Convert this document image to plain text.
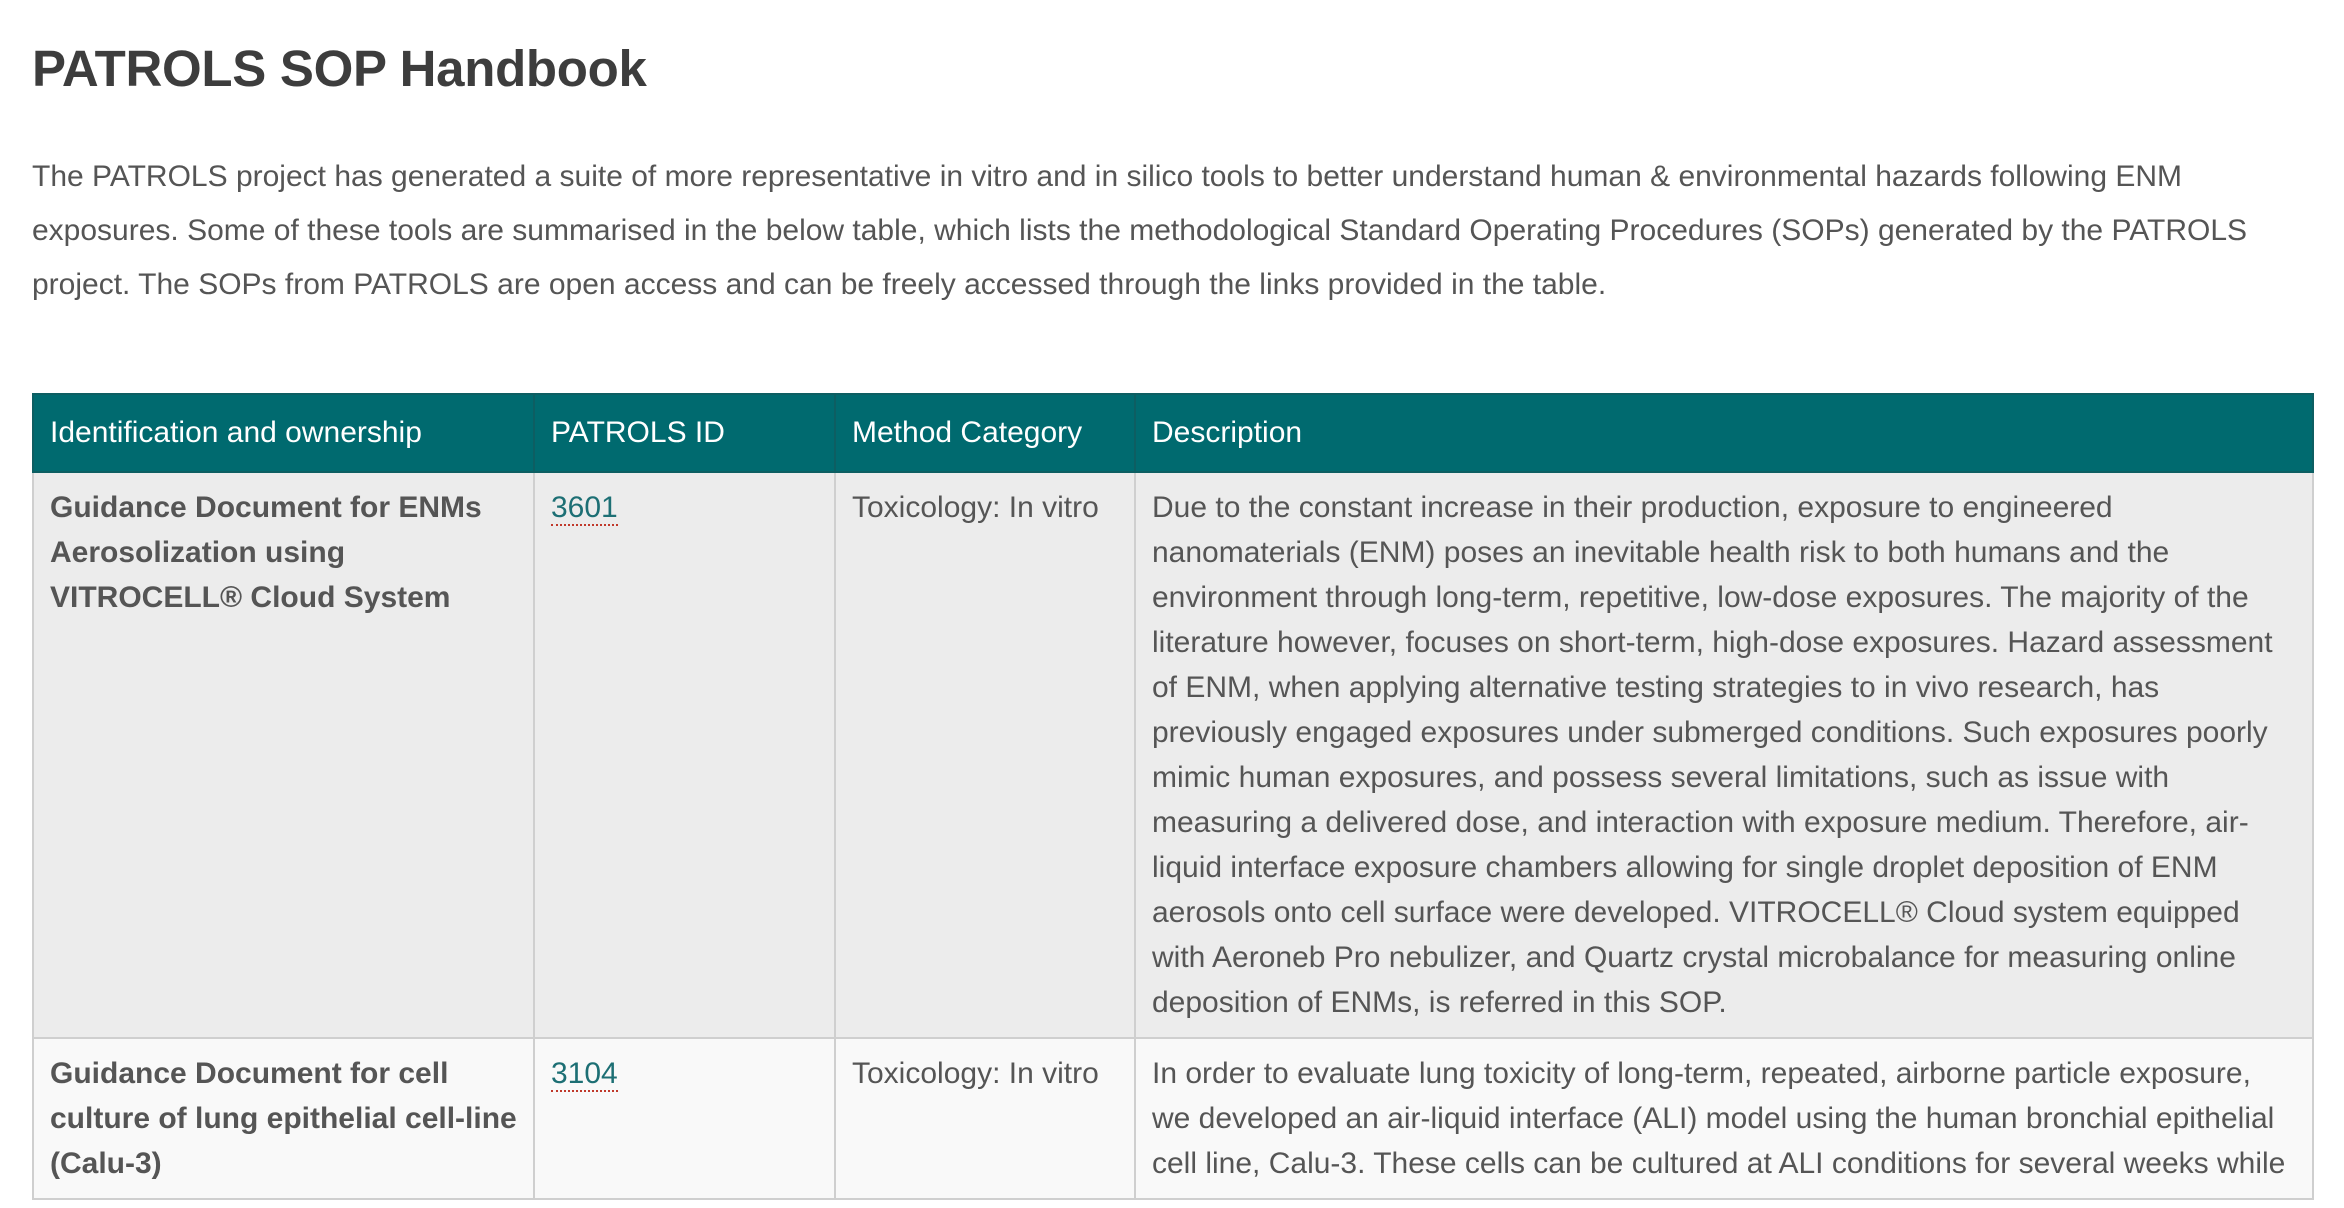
PATROLS SOP Handbook

The PATROLS project has generated a suite of more representative in vitro and in silico tools to better understand human & environmental hazards following ENM exposures. Some of these tools are summarised in the below table, which lists the methodological Standard Operating Procedures (SOPs) generated by the PATROLS project. The SOPs from PATROLS are open access and can be freely accessed through the links provided in the table.

Identification and ownership	PATROLS ID	Method Category	Description
Guidance Document for ENMs Aerosolization using VITROCELL® Cloud System	3601	Toxicology: In vitro	Due to the constant increase in their production, exposure to engineered nanomaterials (ENM) poses an inevitable health risk to both humans and the environment through long-term, repetitive, low-dose exposures. The majority of the literature however, focuses on short-term, high-dose exposures. Hazard assessment of ENM, when applying alternative testing strategies to in vivo research, has previously engaged exposures under submerged conditions. Such exposures poorly mimic human exposures, and possess several limitations, such as issue with measuring a delivered dose, and interaction with exposure medium. Therefore, air-liquid interface exposure chambers allowing for single droplet deposition of ENM aerosols onto cell surface were developed. VITROCELL® Cloud system equipped with Aeroneb Pro nebulizer, and Quartz crystal microbalance for measuring online deposition of ENMs, is referred in this SOP.
Guidance Document for cell culture of lung epithelial cell-line (Calu-3)	3104	Toxicology: In vitro	In order to evaluate lung toxicity of long-term, repeated, airborne particle exposure, we developed an air-liquid interface (ALI) model using the human bronchial epithelial cell line, Calu-3. These cells can be cultured at ALI conditions for several weeks while
